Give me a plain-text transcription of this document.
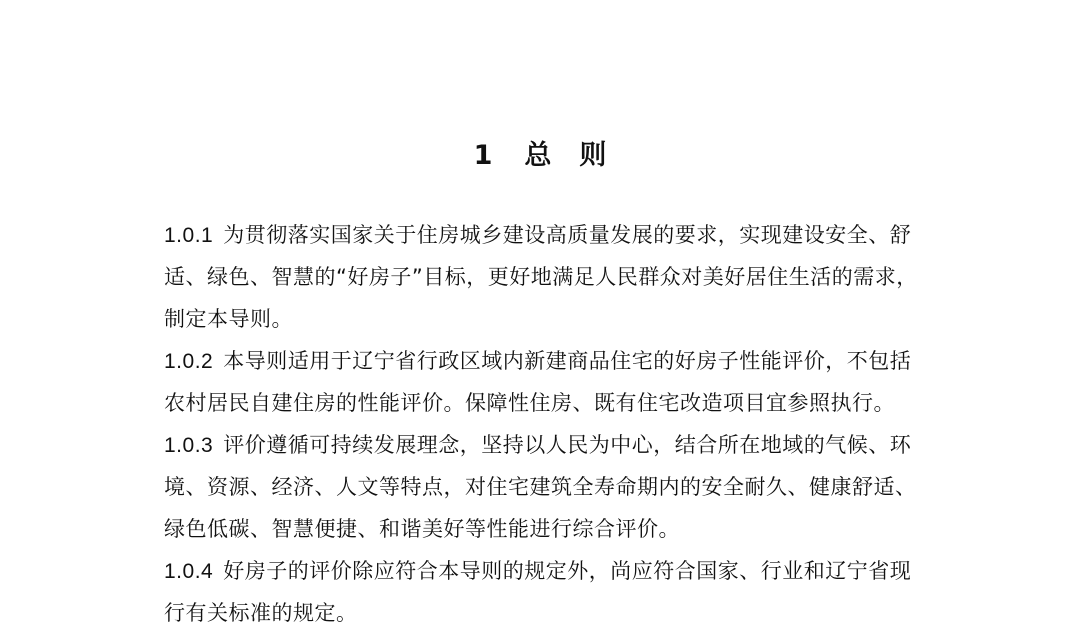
1 总 则
1.0.1 为贯彻落实国家关于住房城乡建设高质量发展的要求，实现建设安全、舒
适、绿色、智慧的“好房子”目标，更好地满足人民群众对美好居住生活的需求，
制定本导则。
1.0.2 本导则适用于辽宁省行政区域内新建商品住宅的好房子性能评价，不包括
农村居民自建住房的性能评价。保障性住房、既有住宅改造项目宜参照执行。
1.0.3 评价遵循可持续发展理念，坚持以人民为中心，结合所在地域的气候、环
境、资源、经济、人文等特点，对住宅建筑全寿命期内的安全耐久、健康舒适、
绿色低碳、智慧便捷、和谐美好等性能进行综合评价。
1.0.4 好房子的评价除应符合本导则的规定外，尚应符合国家、行业和辽宁省现
行有关标准的规定。
